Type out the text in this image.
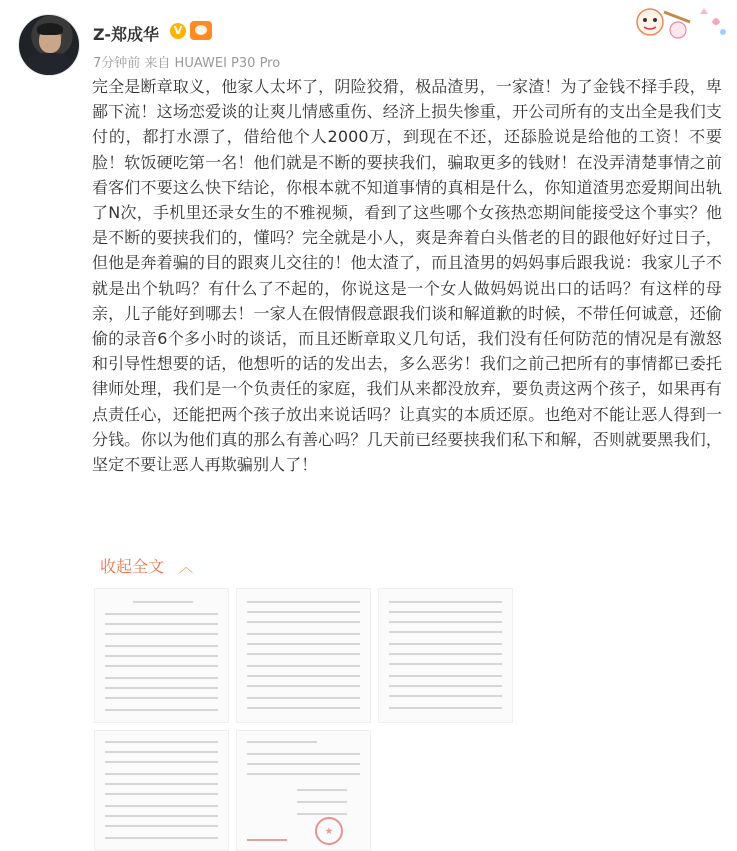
Z-郑成华	V
7分钟前 来自 HUAWEI P30 Pro
完全是断章取义，他家人太坏了，阴险狡猾，极品渣男，一家渣！为了金钱不择手段，卑鄙下流！这场恋爱谈的让爽儿情感重伤、经济上损失惨重，开公司所有的支出全是我们支付的，都打水漂了，借给他个人2000万，到现在不还，还舔脸说是给他的工资！不要脸！软饭硬吃第一名！他们就是不断的要挟我们，骗取更多的钱财！在没弄清楚事情之前看客们不要这么快下结论，你根本就不知道事情的真相是什么，你知道渣男恋爱期间出轨了N次，手机里还录女生的不雅视频，看到了这些哪个女孩热恋期间能接受这个事实？他是不断的要挟我们的，懂吗？完全就是小人，爽是奔着白头偕老的目的跟他好好过日子，但他是奔着骗的目的跟爽儿交往的！他太渣了，而且渣男的妈妈事后跟我说：我家儿子不就是出个轨吗？有什么了不起的，你说这是一个女人做妈妈说出口的话吗？有这样的母亲，儿子能好到哪去！一家人在假情假意跟我们谈和解道歉的时候，不带任何诚意，还偷偷的录音6个多小时的谈话，而且还断章取义几句话，我们没有任何防范的情况是有激怒和引导性想要的话，他想听的话的发出去，多么恶劣！我们之前己把所有的事情都已委托律师处理，我们是一个负责任的家庭，我们从来都没放弃，要负责这两个孩子，如果再有点责任心，还能把两个孩子放出来说话吗？让真实的本质还原。也绝对不能让恶人得到一分钱。你以为他们真的那么有善心吗？几天前已经要挟我们私下和解，否则就要黑我们，坚定不要让恶人再欺骗别人了！
收起全文 ︿
